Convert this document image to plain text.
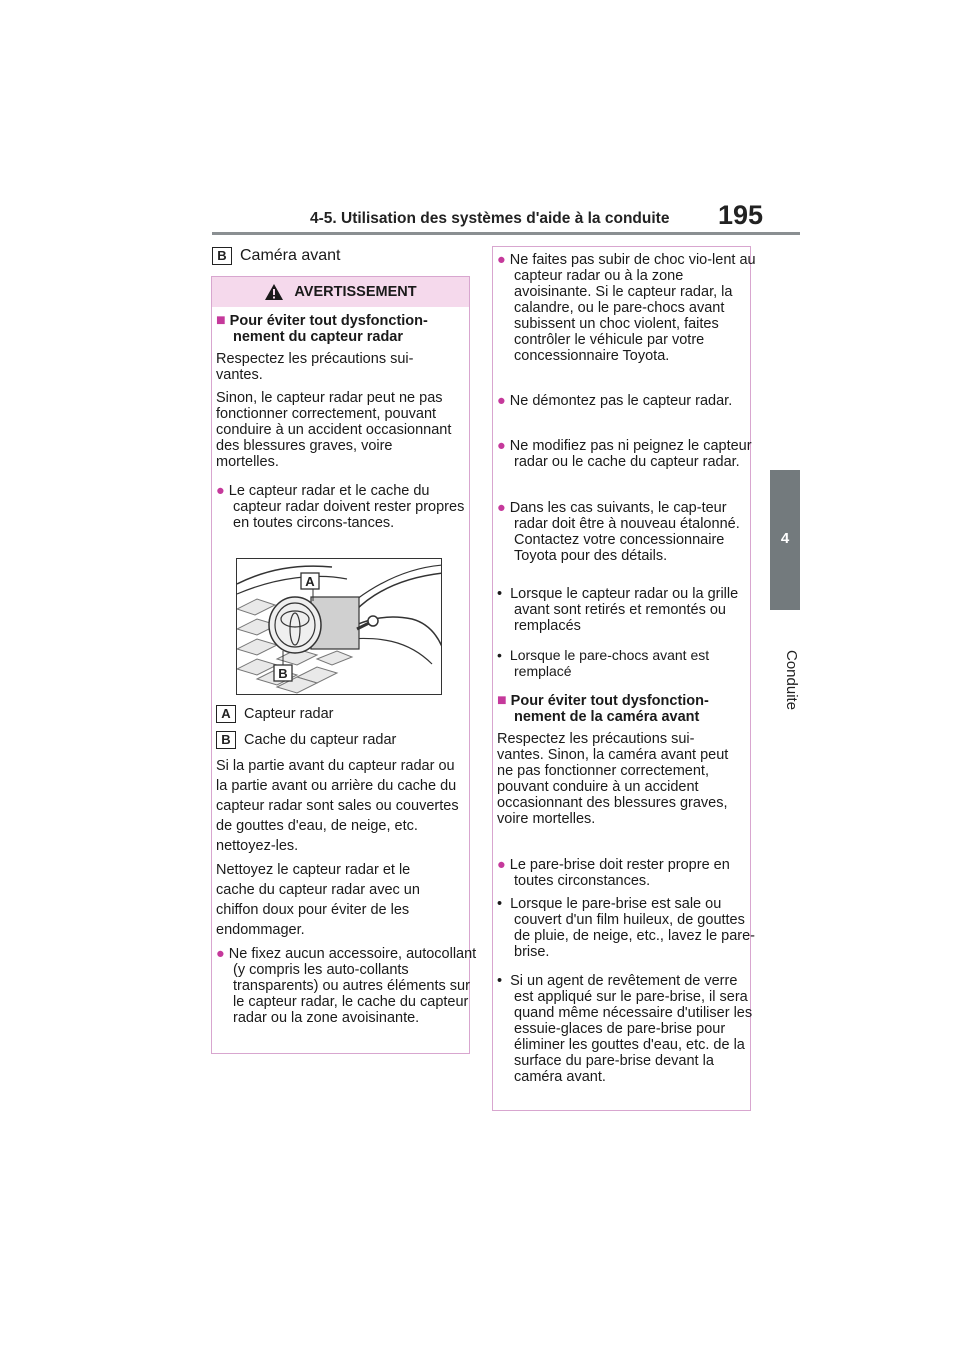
4-5. Utilisation des systèmes d'aide à la conduite 195
4
Conduite
B Caméra avant
AVERTISSEMENT
■ Pour éviter tout dysfonction-nement du capteur radar
Respectez les précautions sui-vantes.
Sinon, le capteur radar peut ne pas fonctionner correctement, pouvant conduire à un accident occasionnant des blessures graves, voire mortelles.
● Le capteur radar et le cache du capteur radar doivent rester propres en toutes circons-tances.
A
B
A Capteur radar
B Cache du capteur radar
Si la partie avant du capteur radar ou la partie avant ou arrière du cache du capteur radar sont sales ou couvertes de gouttes d'eau, de neige, etc. nettoyez-les.
Nettoyez le capteur radar et le cache du capteur radar avec un chiffon doux pour éviter de les endommager.
● Ne fixez aucun accessoire, autocollant (y compris les auto-collants transparents) ou autres éléments sur le capteur radar, le cache du capteur radar ou la zone avoisinante.
● Ne faites pas subir de choc vio-lent au capteur radar ou à la zone avoisinante. Si le capteur radar, la calandre, ou le pare-chocs avant subissent un choc violent, faites contrôler le véhicule par votre concessionnaire Toyota.
● Ne démontez pas le capteur radar.
● Ne modifiez pas ni peignez le capteur radar ou le cache du capteur radar.
● Dans les cas suivants, le cap-teur radar doit être à nouveau étalonné. Contactez votre concessionnaire Toyota pour des détails.
• Lorsque le capteur radar ou la grille avant sont retirés et remontés ou remplacés
• Lorsque le pare-chocs avant est remplacé
■ Pour éviter tout dysfonction-nement de la caméra avant
Respectez les précautions sui-vantes. Sinon, la caméra avant peut ne pas fonctionner correctement, pouvant conduire à un accident occasionnant des blessures graves, voire mortelles.
● Le pare-brise doit rester propre en toutes circonstances.
• Lorsque le pare-brise est sale ou couvert d'un film huileux, de gouttes de pluie, de neige, etc., lavez le pare-brise.
• Si un agent de revêtement de verre est appliqué sur le pare-brise, il sera quand même nécessaire d'utiliser les essuie-glaces de pare-brise pour éliminer les gouttes d'eau, etc. de la surface du pare-brise devant la caméra avant.
